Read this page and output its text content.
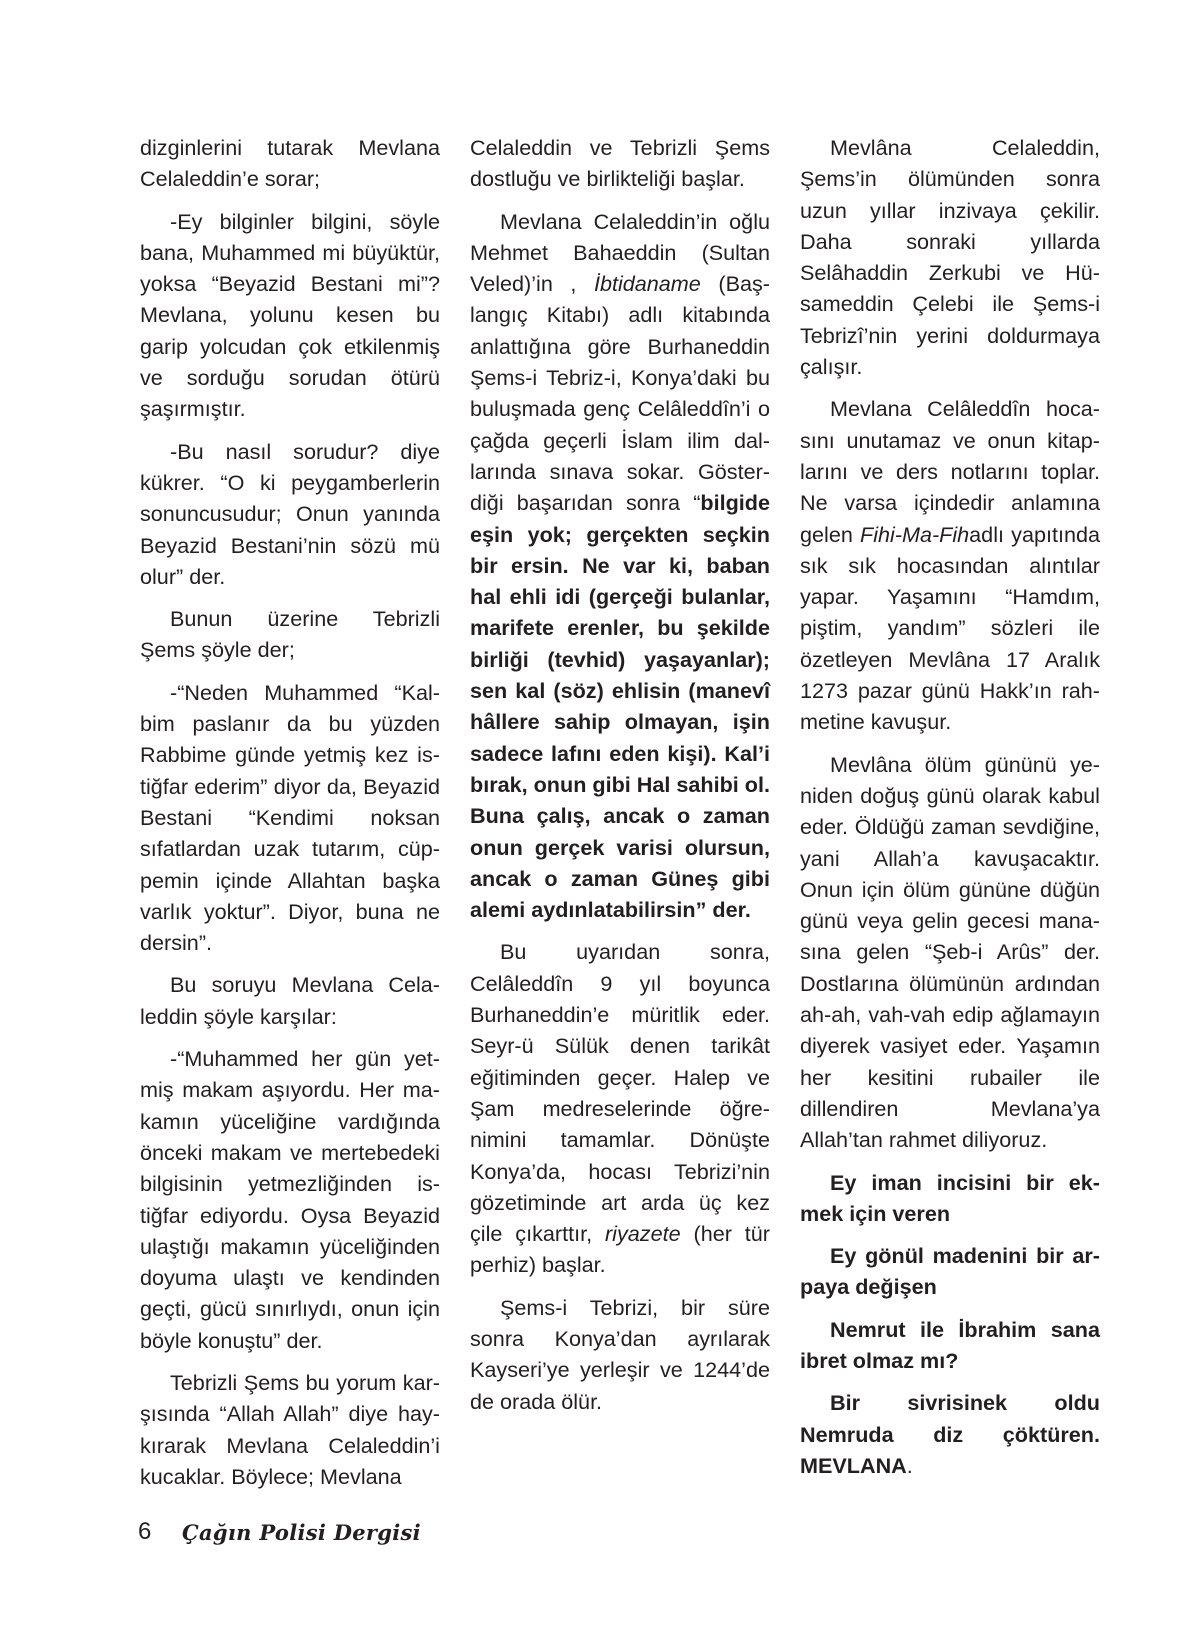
dizginlerini tutarak Mevlana Celaleddin’e sorar;

-Ey bilginler bilgini, söyle bana, Muhammed mi büyüktür, yoksa “Beyazid Bestani mi”? Mevlana, yolunu kesen bu garip yolcudan çok etkilenmiş ve sorduğu sorudan ötürü şaşırmıştır.

-Bu nasıl sorudur? diye kükrer. “O ki peygamberlerin sonuncusudur; Onun yanında Beyazid Bestani’nin sözü mü olur” der.

Bunun üzerine Tebrizli Şems şöyle der;

-“Neden Muhammed “Kalbim paslanır da bu yüzden Rabbime günde yetmiş kez istiğfar ederim” diyor da, Beyazid Bestani “Kendimi noksan sıfatlardan uzak tutarım, cüppemin içinde Allahtan başka varlık yoktur”. Diyor, buna ne dersin”.

Bu soruyu Mevlana Celaleddin şöyle karşılar:

-“Muhammed her gün yetmiş makam aşıyordu. Her makamın yüceliğine vardığında önceki makam ve mertebedeki bilgisinin yetmezliğinden istiğfar ediyordu. Oysa Beyazid ulaştığı makamın yüceliğinden doyuma ulaştı ve kendinden geçti, gücü sınırlıydı, onun için böyle konuştu” der.

Tebrizli Şems bu yorum karşısında “Allah Allah” diye haykırarak Mevlana Celaleddin’i kucaklar. Böylece; Mevlana

Celaleddin ve Tebrizli Şems dostluğu ve birlikteliği başlar.

Mevlana Celaleddin’in oğlu Mehmet Bahaeddin (Sultan Veled)’in , İbtidaname (Başlangıç Kitabı) adlı kitabında anlattığına göre Burhaneddin Şems-i Tebriz-i, Konya’daki bu buluşmada genç Celâleddîn’i o çağda geçerli İslam ilim dallarında sınava sokar. Gösterdiği başarıdan sonra “bilgide eşin yok; gerçekten seçkin bir ersin. Ne var ki, baban hal ehli idi (gerçeği bulanlar, marifete erenler, bu şekilde birliği (tevhid) yaşayanlar); sen kal (söz) ehlisin (manevî hâllere sahip olmayan, işin sadece lafını eden kişi). Kal’i bırak, onun gibi Hal sahibi ol. Buna çalış, ancak o zaman onun gerçek varisi olursun, ancak o zaman Güneş gibi alemi aydınlatabilirsin” der.

Bu uyarıdan sonra, Celâleddîn 9 yıl boyunca Burhaneddin’e müritlik eder. Seyr-ü Sülük denen tarikât eğitiminden geçer. Halep ve Şam medreselerinde öğrenimini tamamlar. Dönüşte Konya’da, hocası Tebrizi’nin gözetiminde art arda üç kez çile çıkarttır, riyazete (her tür perhiz) başlar.

Şems-i Tebrizi, bir süre sonra Konya’dan ayrılarak Kayseri’ye yerleşir ve 1244’de de orada ölür.

Mevlâna Celaleddin, Şems’in ölümünden sonra uzun yıllar inzivaya çekilir. Daha sonraki yıllarda Selâhaddin Zerkubi ve Hüsameddin Çelebi ile Şems-i Tebrizî’nin yerini doldurmaya çalışır.

Mevlana Celâleddîn hocasını unutamaz ve onun kitaplarını ve ders notlarını toplar. Ne varsa içindedir anlamına gelen Fihi-Ma-Fihadlı yapıtında sık sık hocasından alıntılar yapar. Yaşamını “Hamdım, piştim, yandım” sözleri ile özetleyen Mevlâna 17 Aralık 1273 pazar günü Hakk’ın rahmetine kavuşur.

Mevlâna ölüm gününü yeniden doğuş günü olarak kabul eder. Öldüğü zaman sevdiğine, yani Allah’a kavuşacaktır. Onun için ölüm gününe düğün günü veya gelin gecesi manasına gelen “Şeb-i Arûs” der. Dostlarına ölümünün ardından ah-ah, vah-vah edip ağlamayın diyerek vasiyet eder. Yaşamın her kesitini rubailer ile dillendiren Mevlana’ya Allah’tan rahmet diliyoruz.

Ey iman incisini bir ekmek için veren

Ey gönül madenini bir arpaya değişen

Nemrut ile İbrahim sana ibret olmaz mı?

Bir sivrisinek oldu Nemruda diz çöktüren. MEVLANA.

6 Çağın Polisi Dergisi
